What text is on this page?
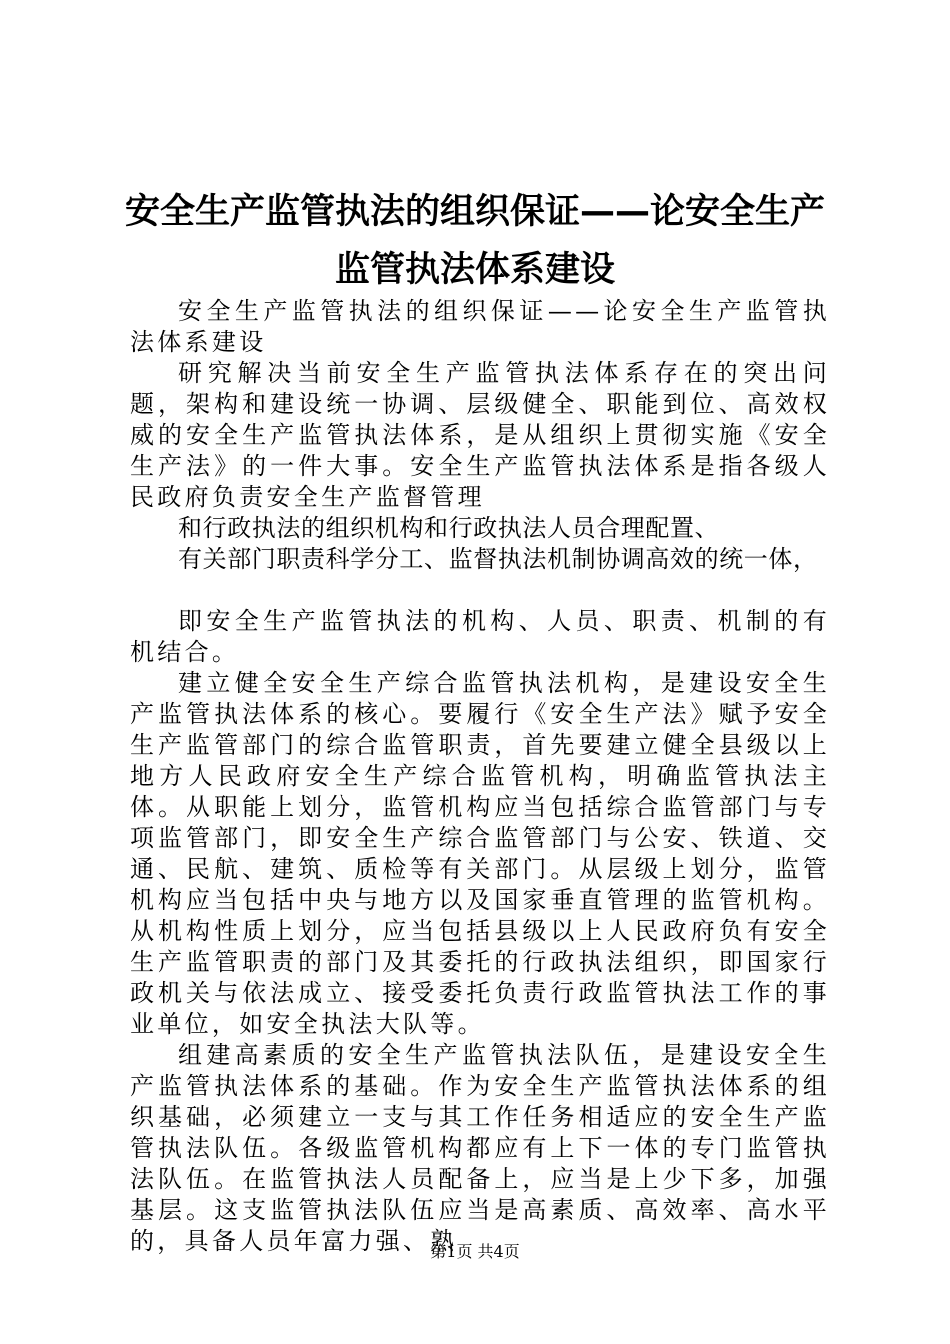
安全生产监管执法的组织保证——论安全生产
监管执法体系建设

安全生产监管执法的组织保证——论安全生产监管执法体系建设

研究解决当前安全生产监管执法体系存在的突出问题，架构和建设统一协调、层级健全、职能到位、高效权威的安全生产监管执法体系，是从组织上贯彻实施《安全生产法》的一件大事。安全生产监管执法体系是指各级人民政府负责安全生产监督管理

和行政执法的组织机构和行政执法人员合理配置、

有关部门职责科学分工、监督执法机制协调高效的统一体，

即安全生产监管执法的机构、人员、职责、机制的有机结合。

建立健全安全生产综合监管执法机构，是建设安全生产监管执法体系的核心。要履行《安全生产法》赋予安全生产监管部门的综合监管职责，首先要建立健全县级以上地方人民政府安全生产综合监管机构，明确监管执法主体。从职能上划分，监管机构应当包括综合监管部门与专项监管部门，即安全生产综合监管部门与公安、铁道、交通、民航、建筑、质检等有关部门。从层级上划分，监管机构应当包括中央与地方以及国家垂直管理的监管机构。从机构性质上划分，应当包括县级以上人民政府负有安全生产监管职责的部门及其委托的行政执法组织，即国家行政机关与依法成立、接受委托负责行政监管执法工作的事业单位，如安全执法大队等。

组建高素质的安全生产监管执法队伍，是建设安全生产监管执法体系的基础。作为安全生产监管执法体系的组织基础，必须建立一支与其工作任务相适应的安全生产监管执法队伍。各级监管机构都应有上下一体的专门监管执法队伍。在监管执法人员配备上，应当是上少下多，加强基层。这支监管执法队伍应当是高素质、高效率、高水平的，具备人员年富力强、熟

第1页 共4页
